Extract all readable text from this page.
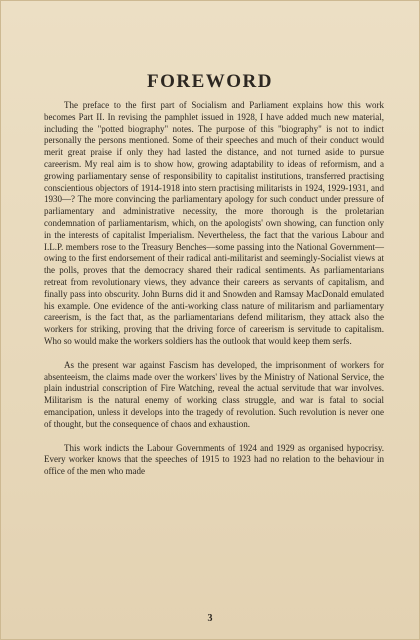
FOREWORD

The preface to the first part of Socialism and Parliament explains how this work becomes Part II. In revising the pamphlet issued in 1928, I have added much new material, including the "potted biography" notes. The purpose of this "biography" is not to indict personally the persons mentioned. Some of their speeches and much of their conduct would merit great praise if only they had lasted the distance, and not turned aside to pursue careerism. My real aim is to show how, growing adaptability to ideas of reformism, and a growing parliamentary sense of responsibility to capitalist institutions, transferred practising conscientious objectors of 1914-1918 into stern practising militarists in 1924, 1929-1931, and 1930—? The more convincing the parliamentary apology for such conduct under pressure of parliamentary and administrative necessity, the more thorough is the proletarian condemnation of parliamentarism, which, on the apologists' own showing, can function only in the interests of capitalist Imperialism. Nevertheless, the fact that the various Labour and I.L.P. members rose to the Treasury Benches—some passing into the National Government—owing to the first endorsement of their radical anti-militarist and seemingly-Socialist views at the polls, proves that the democracy shared their radical sentiments. As parliamentarians retreat from revolutionary views, they advance their careers as servants of capitalism, and finally pass into obscurity. John Burns did it and Snowden and Ramsay MacDonald emulated his example. One evidence of the anti-working class nature of militarism and parliamentary careerism, is the fact that, as the parliamentarians defend militarism, they attack also the workers for striking, proving that the driving force of careerism is servitude to capitalism. Who so would make the workers soldiers has the outlook that would keep them serfs.

As the present war against Fascism has developed, the imprisonment of workers for absenteeism, the claims made over the workers' lives by the Ministry of National Service, the plain industrial conscription of Fire Watching, reveal the actual servitude that war involves. Militarism is the natural enemy of working class struggle, and war is fatal to social emancipation, unless it develops into the tragedy of revolution. Such revolution is never one of thought, but the consequence of chaos and exhaustion.

This work indicts the Labour Governments of 1924 and 1929 as organised hypocrisy. Every worker knows that the speeches of 1915 to 1923 had no relation to the behaviour in office of the men who made

3
